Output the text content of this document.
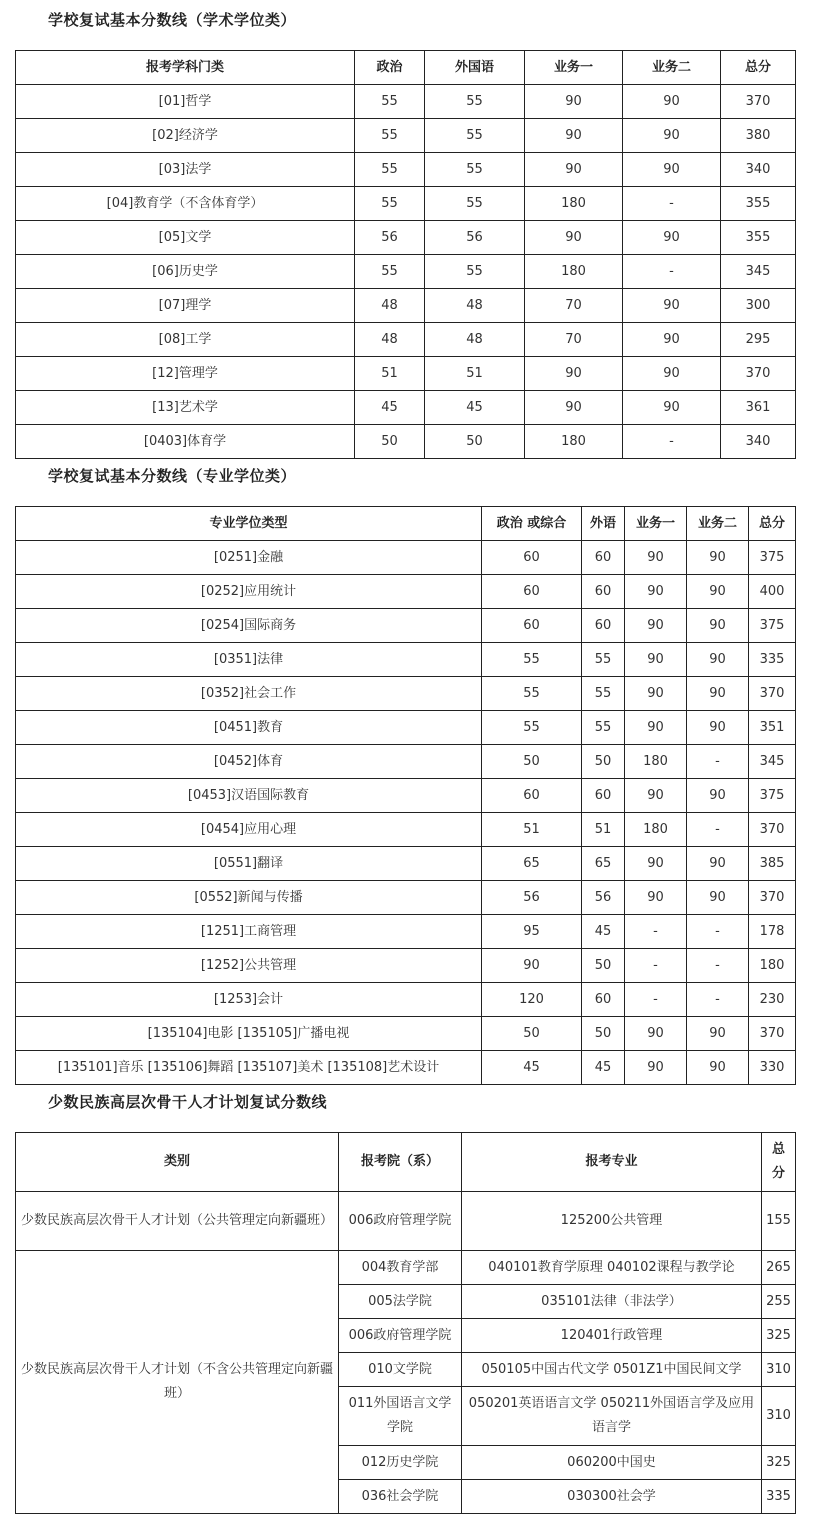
学校复试基本分数线（学术学位类）
报考学科门类	政治	外国语	业务一	业务二	总分
[01]哲学	55	55	90	90	370
[02]经济学	55	55	90	90	380
[03]法学	55	55	90	90	340
[04]教育学（不含体育学）	55	55	180	-	355
[05]文学	56	56	90	90	355
[06]历史学	55	55	180	-	345
[07]理学	48	48	70	90	300
[08]工学	48	48	70	90	295
[12]管理学	51	51	90	90	370
[13]艺术学	45	45	90	90	361
[0403]体育学	50	50	180	-	340
学校复试基本分数线（专业学位类）
专业学位类型	政治 或综合	外语	业务一	业务二	总分
[0251]金融	60	60	90	90	375
[0252]应用统计	60	60	90	90	400
[0254]国际商务	60	60	90	90	375
[0351]法律	55	55	90	90	335
[0352]社会工作	55	55	90	90	370
[0451]教育	55	55	90	90	351
[0452]体育	50	50	180	-	345
[0453]汉语国际教育	60	60	90	90	375
[0454]应用心理	51	51	180	-	370
[0551]翻译	65	65	90	90	385
[0552]新闻与传播	56	56	90	90	370
[1251]工商管理	95	45	-	-	178
[1252]公共管理	90	50	-	-	180
[1253]会计	120	60	-	-	230
[135104]电影 [135105]广播电视	50	50	90	90	370
[135101]音乐 [135106]舞蹈 [135107]美术 [135108]艺术设计	45	45	90	90	330
少数民族高层次骨干人才计划复试分数线
类别	报考院（系）	报考专业	总分
少数民族高层次骨干人才计划（公共管理定向新疆班）	006政府管理学院	125200公共管理	155
少数民族高层次骨干人才计划（不含公共管理定向新疆班）	004教育学部	040101教育学原理 040102课程与教学论	265
	005法学院	035101法律（非法学）	255
	006政府管理学院	120401行政管理	325
	010文学院	050105中国古代文学 0501Z1中国民间文学	310
	011外国语言文学学院	050201英语语言文学 050211外国语言学及应用语言学	310
	012历史学院	060200中国史	325
	036社会学院	030300社会学	335
